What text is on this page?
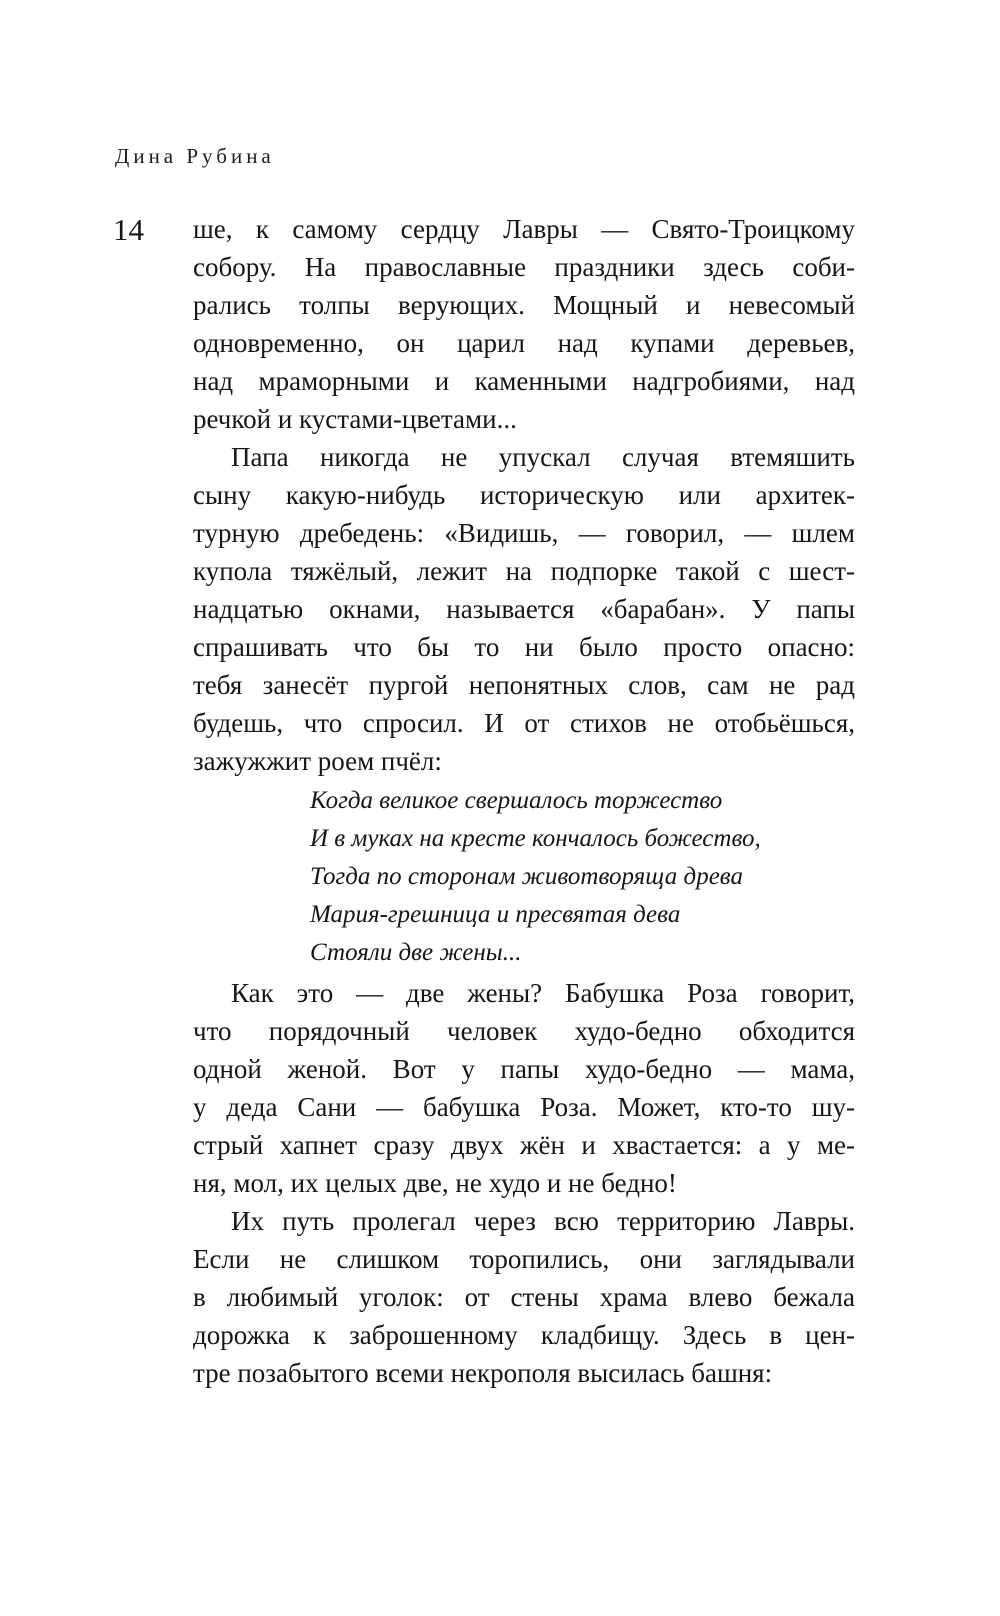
Дина Рубина
14 ше, к самому сердцу Лавры — Свято-Троицкому
собору. На православные праздники здесь соби-
рались толпы верующих. Мощный и невесомый
одновременно, он царил над купами деревьев,
над мраморными и каменными надгробиями, над
речкой и кустами-цветами...
Папа никогда не упускал случая втемяшить
сыну какую-нибудь историческую или архитек-
турную дребедень: «Видишь, — говорил, — шлем
купола тяжёлый, лежит на подпорке такой с шест-
надцатью окнами, называется «барабан». У папы
спрашивать что бы то ни было просто опасно:
тебя занесёт пургой непонятных слов, сам не рад
будешь, что спросил. И от стихов не отобьёшься,
зажужжит роем пчёл:
Когда великое свершалось торжество
И в муках на кресте кончалось божество,
Тогда по сторонам животворяща древа
Мария-грешница и пресвятая дева
Стояли две жены...
Как это — две жены? Бабушка Роза говорит,
что порядочный человек худо-бедно обходится
одной женой. Вот у папы худо-бедно — мама,
у деда Сани — бабушка Роза. Может, кто-то шу-
стрый хапнет сразу двух жён и хвастается: а у ме-
ня, мол, их целых две, не худо и не бедно!
Их путь пролегал через всю территорию Лавры.
Если не слишком торопились, они заглядывали
в любимый уголок: от стены храма влево бежала
дорожка к заброшенному кладбищу. Здесь в цен-
тре позабытого всеми некрополя высилась башня:
